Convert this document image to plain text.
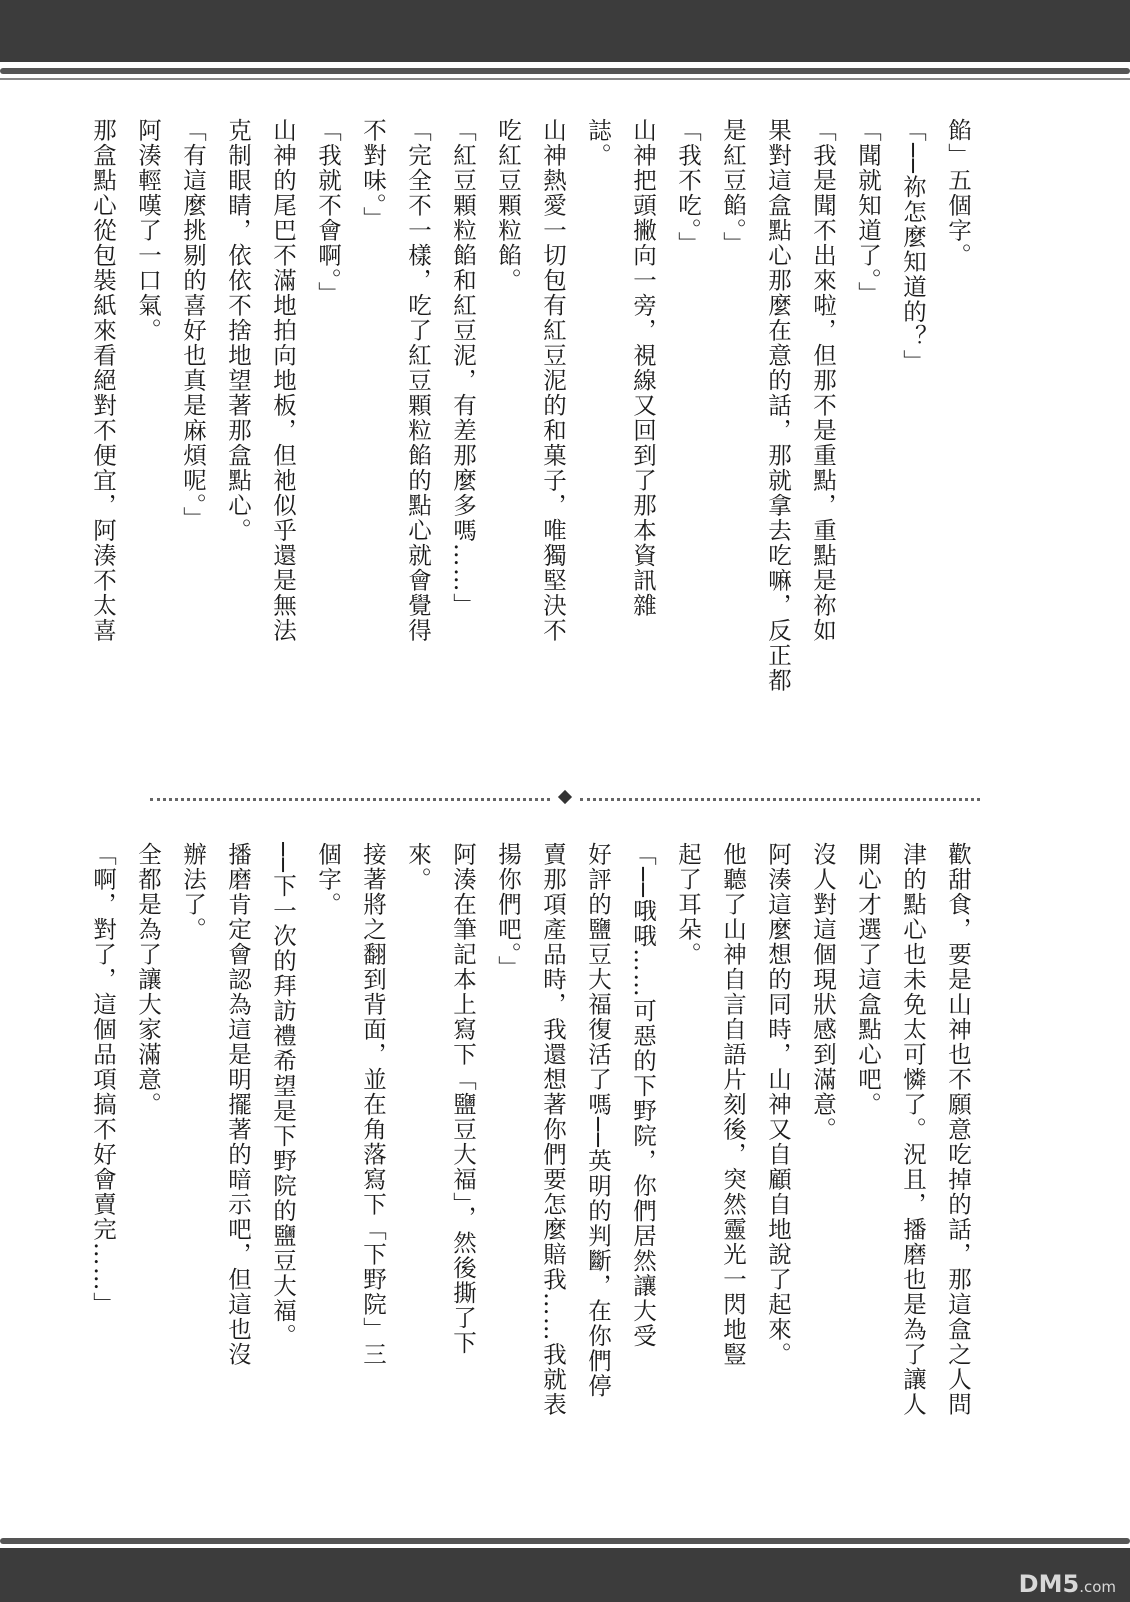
餡」五個字。
「──祢怎麼知道的？」
「聞就知道了。」
「我是聞不出來啦，但那不是重點，重點是祢如
果對這盒點心那麼在意的話，那就拿去吃嘛，反正都
是紅豆餡。」
「我不吃。」
山神把頭撇向一旁，視線又回到了那本資訊雜
誌。
山神熱愛一切包有紅豆泥的和菓子，唯獨堅決不
吃紅豆顆粒餡。
「紅豆顆粒餡和紅豆泥，有差那麼多嗎……」
「完全不一樣，吃了紅豆顆粒餡的點心就會覺得
不對味。」
「我就不會啊。」
山神的尾巴不滿地拍向地板，但祂似乎還是無法
克制眼睛，依依不捨地望著那盒點心。
「有這麼挑剔的喜好也真是麻煩呢。」
阿湊輕嘆了一口氣。
那盒點心從包裝紙來看絕對不便宜，阿湊不太喜
歡甜食，要是山神也不願意吃掉的話，那這盒之人問
津的點心也未免太可憐了。況且，播磨也是為了讓人
開心才選了這盒點心吧。
沒人對這個現狀感到滿意。
阿湊這麼想的同時，山神又自顧自地說了起來。
他聽了山神自言自語片刻後，突然靈光一閃地豎
起了耳朵。
「──哦哦……可惡的下野院，你們居然讓大受
好評的鹽豆大福復活了嗎──英明的判斷，在你們停
賣那項產品時，我還想著你們要怎麼賠我……我就表
揚你們吧。」
阿湊在筆記本上寫下「鹽豆大福」，然後撕了下
來。
接著將之翻到背面，並在角落寫下「下野院」三
個字。
──下一次的拜訪禮希望是下野院的鹽豆大福。
播磨肯定會認為這是明擺著的暗示吧，但這也沒
辦法了。
全都是為了讓大家滿意。
「啊，對了，這個品項搞不好會賣完……」
DM5.com
